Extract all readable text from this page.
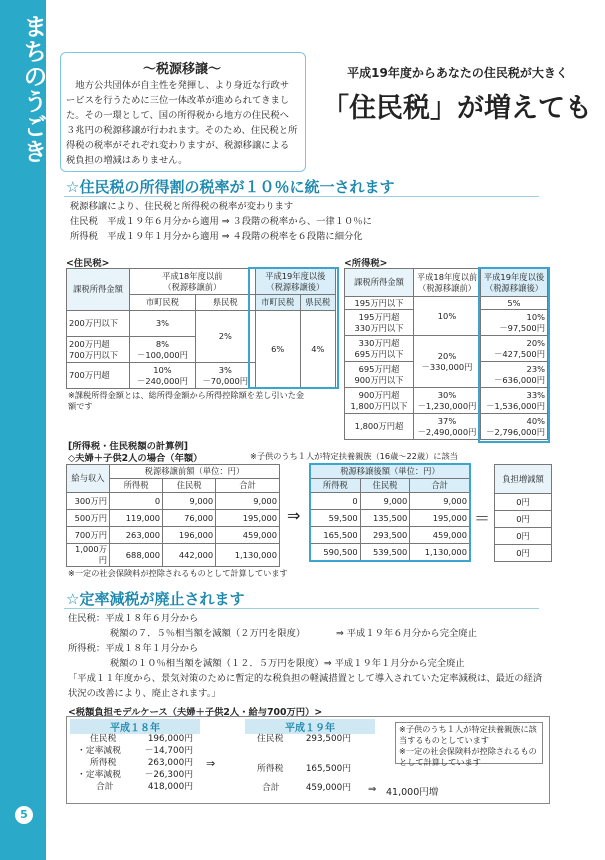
まちのうごき
5
～税源移譲～
地方公共団体が自主性を発揮し、より身近な行政サービスを行うために三位一体改革が進められてきました。その一環として、国の所得税から地方の住民税へ３兆円の税源移譲が行われます。そのため、住民税と所得税の税率がそれぞれ変わりますが、税源移譲による税負担の増減はありません。
平成19年度からあなたの住民税が大きく
「住民税」が増えても
☆住民税の所得割の税率が１０％に統一されます
税源移譲により、住民税と所得税の税率が変わります
住民税　平成１９年６月分から適用 ⇒ ３段階の税率から、一律１０％に
所得税　平成１９年１月分から適用 ⇒ ４段階の税率を６段階に細分化
<住民税>
課税所得金額	平成18年度以前
（税源移譲前）		平成19年度以後
（税源移譲後）	
	市町民税	県民税	市町民税	県民税
200万円以下	3%	2%	6%	4%
200万円超
700万円以下	8%
－100,000円			
700万円超	10%
－240,000円	3%
－70,000円		
※課税所得金額とは、総所得金額から所得控除額を差し引いた金額です
<所得税>
課税所得金額	平成18年度以前
（税源移譲前）	平成19年度以後
（税源移譲後）
195万円以下	10%	5%
195万円超
330万円以下		10%
－97,500円
330万円超
695万円以下	20%
－330,000円	20%
－427,500円
695万円超
900万円以下		23%
－636,000円
900万円超
1,800万円以下	30%
－1,230,000円	33%
－1,536,000円
1,800万円超	37%
－2,490,000円	40%
－2,796,000円
[所得税・住民税額の計算例]
◇夫婦＋子供2人の場合（年額）	※子供のうち１人が特定扶養親族（16歳～22歳）に該当
給与収入	税源移譲前額（単位：円）		
	所得税	住民税	合計
300万円	0	9,000	9,000
500万円	119,000	76,000	195,000
700万円	263,000	196,000	459,000
1,000万円	688,000	442,000	1,130,000
⇒
税源移譲後額（単位：円）		
所得税	住民税	合計
0	9,000	9,000
59,500	135,500	195,000
165,500	293,500	459,000
590,500	539,500	1,130,000
＝
負担増減額
0円
0円
0円
0円
※一定の社会保険料が控除されるものとして計算しています
☆定率減税が廃止されます
住民税：平成１８年６月分から
税額の７．５％相当額を減額（２万円を限度）	⇒ 平成１９年６月分から完全廃止
所得税：平成１８年１月分から
税額の１０％相当額を減額（１２．５万円を限度）⇒ 平成１９年１月分から完全廃止
「平成１１年度から、景気対策のために暫定的な税負担の軽減措置として導入されていた定率減税は、最近の経済状況の改善により、廃止されます。」
<税額負担モデルケース（夫婦＋子供2人・給与700万円）>
平成１８年	平成１９年
住民税	196,000円
・定率減税	－14,700円
所得税	263,000円
・定率減税	－26,300円
合計	418,000円
⇒
住民税	293,500円
所得税	165,500円
合計	459,000円 ⇒ 41,000円増
※子供のうち１人が特定扶養親族に該当するものとしています
※一定の社会保険料が控除されるものとして計算しています
